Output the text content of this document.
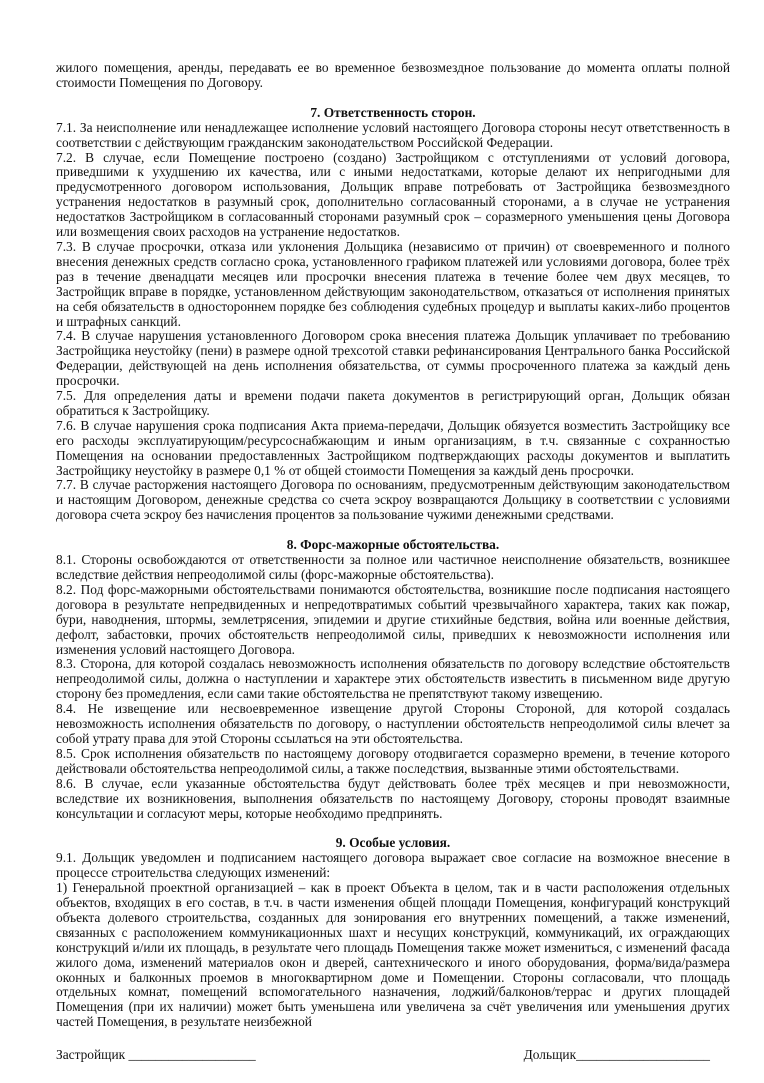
жилого помещения, аренды, передавать ее во временное безвозмездное пользование до момента оплаты полной стоимости Помещения по Договору.

7. Ответственность сторон.

7.1. За неисполнение или ненадлежащее исполнение условий настоящего Договора стороны несут ответственность в соответствии с действующим гражданским законодательством Российской Федерации.

7.2. В случае, если Помещение построено (создано) Застройщиком с отступлениями от условий договора, приведшими к ухудшению их качества, или с иными недостатками, которые делают их непригодными для предусмотренного договором использования, Дольщик вправе потребовать от Застройщика безвозмездного устранения недостатков в разумный срок, дополнительно согласованный сторонами, а в случае не устранения недостатков Застройщиком в согласованный сторонами разумный срок – соразмерного уменьшения цены Договора или возмещения своих расходов на устранение недостатков.

7.3. В случае просрочки, отказа или уклонения Дольщика (независимо от причин) от своевременного и полного внесения денежных средств согласно срока, установленного графиком платежей или условиями договора, более трёх раз в течение двенадцати месяцев или просрочки внесения платежа в течение более чем двух месяцев, то Застройщик вправе в порядке, установленном действующим законодательством, отказаться от исполнения принятых на себя обязательств в одностороннем порядке без соблюдения судебных процедур и выплаты каких-либо процентов и штрафных санкций.

7.4. В случае нарушения установленного Договором срока внесения платежа Дольщик уплачивает по требованию Застройщика неустойку (пени) в размере одной трехсотой ставки рефинансирования Центрального банка Российской Федерации, действующей на день исполнения обязательства, от суммы просроченного платежа за каждый день просрочки.

7.5. Для определения даты и времени подачи пакета документов в регистрирующий орган, Дольщик обязан обратиться к Застройщику.

7.6. В случае нарушения срока подписания Акта приема-передачи, Дольщик обязуется возместить Застройщику все его расходы эксплуатирующим/ресурсоснабжающим и иным организациям, в т.ч. связанные с сохранностью Помещения на основании предоставленных Застройщиком подтверждающих расходы документов и выплатить Застройщику неустойку в размере 0,1 % от общей стоимости Помещения за каждый день просрочки.

7.7. В случае расторжения настоящего Договора по основаниям, предусмотренным действующим законодательством и настоящим Договором, денежные средства со счета эскроу возвращаются Дольщику в соответствии с условиями договора счета эскроу без начисления процентов за пользование чужими денежными средствами.

8. Форс-мажорные обстоятельства.

8.1. Стороны освобождаются от ответственности за полное или частичное неисполнение обязательств, возникшее вследствие действия непреодолимой силы (форс-мажорные обстоятельства).

8.2. Под форс-мажорными обстоятельствами понимаются обстоятельства, возникшие после подписания настоящего договора в результате непредвиденных и непредотвратимых событий чрезвычайного характера, таких как пожар, бури, наводнения, штормы, землетрясения, эпидемии и другие стихийные бедствия, война или военные действия, дефолт, забастовки, прочих обстоятельств непреодолимой силы, приведших к невозможности исполнения или изменения условий настоящего Договора.

8.3. Сторона, для которой создалась невозможность исполнения обязательств по договору вследствие обстоятельств непреодолимой силы, должна о наступлении и характере этих обстоятельств известить в письменном виде другую сторону без промедления, если сами такие обстоятельства не препятствуют такому извещению.

8.4. Не извещение или несвоевременное извещение другой Стороны Стороной, для которой создалась невозможность исполнения обязательств по договору, о наступлении обстоятельств непреодолимой силы влечет за собой утрату права для этой Стороны ссылаться на эти обстоятельства.

8.5. Срок исполнения обязательств по настоящему договору отодвигается соразмерно времени, в течение которого действовали обстоятельства непреодолимой силы, а также последствия, вызванные этими обстоятельствами.

8.6. В случае, если указанные обстоятельства будут действовать более трёх месяцев и при невозможности, вследствие их возникновения, выполнения обязательств по настоящему Договору, стороны проводят взаимные консультации и согласуют меры, которые необходимо предпринять.

9. Особые условия.

9.1. Дольщик уведомлен и подписанием настоящего договора выражает свое согласие на возможное внесение в процессе строительства следующих изменений:

1) Генеральной проектной организацией – как в проект Объекта в целом, так и в части расположения отдельных объектов, входящих в его состав, в т.ч. в части изменения общей площади Помещения, конфигураций конструкций объекта долевого строительства, созданных для зонирования его внутренних помещений, а также изменений, связанных с расположением коммуникационных шахт и несущих конструкций, коммуникаций, их ограждающих конструкций и/или их площадь, в результате чего площадь Помещения также может измениться, с изменений фасада жилого дома, изменений материалов окон и дверей, сантехнического и иного оборудования, форма/вида/размера оконных и балконных проемов в многоквартирном доме и Помещении. Стороны согласовали, что площадь отдельных комнат, помещений вспомогательного назначения, лоджий/балконов/террас и других площадей Помещения (при их наличии) может быть уменьшена или увеличена за счёт увеличения или уменьшения других частей Помещения, в результате неизбежной

Застройщик ___________________	Дольщик____________________
